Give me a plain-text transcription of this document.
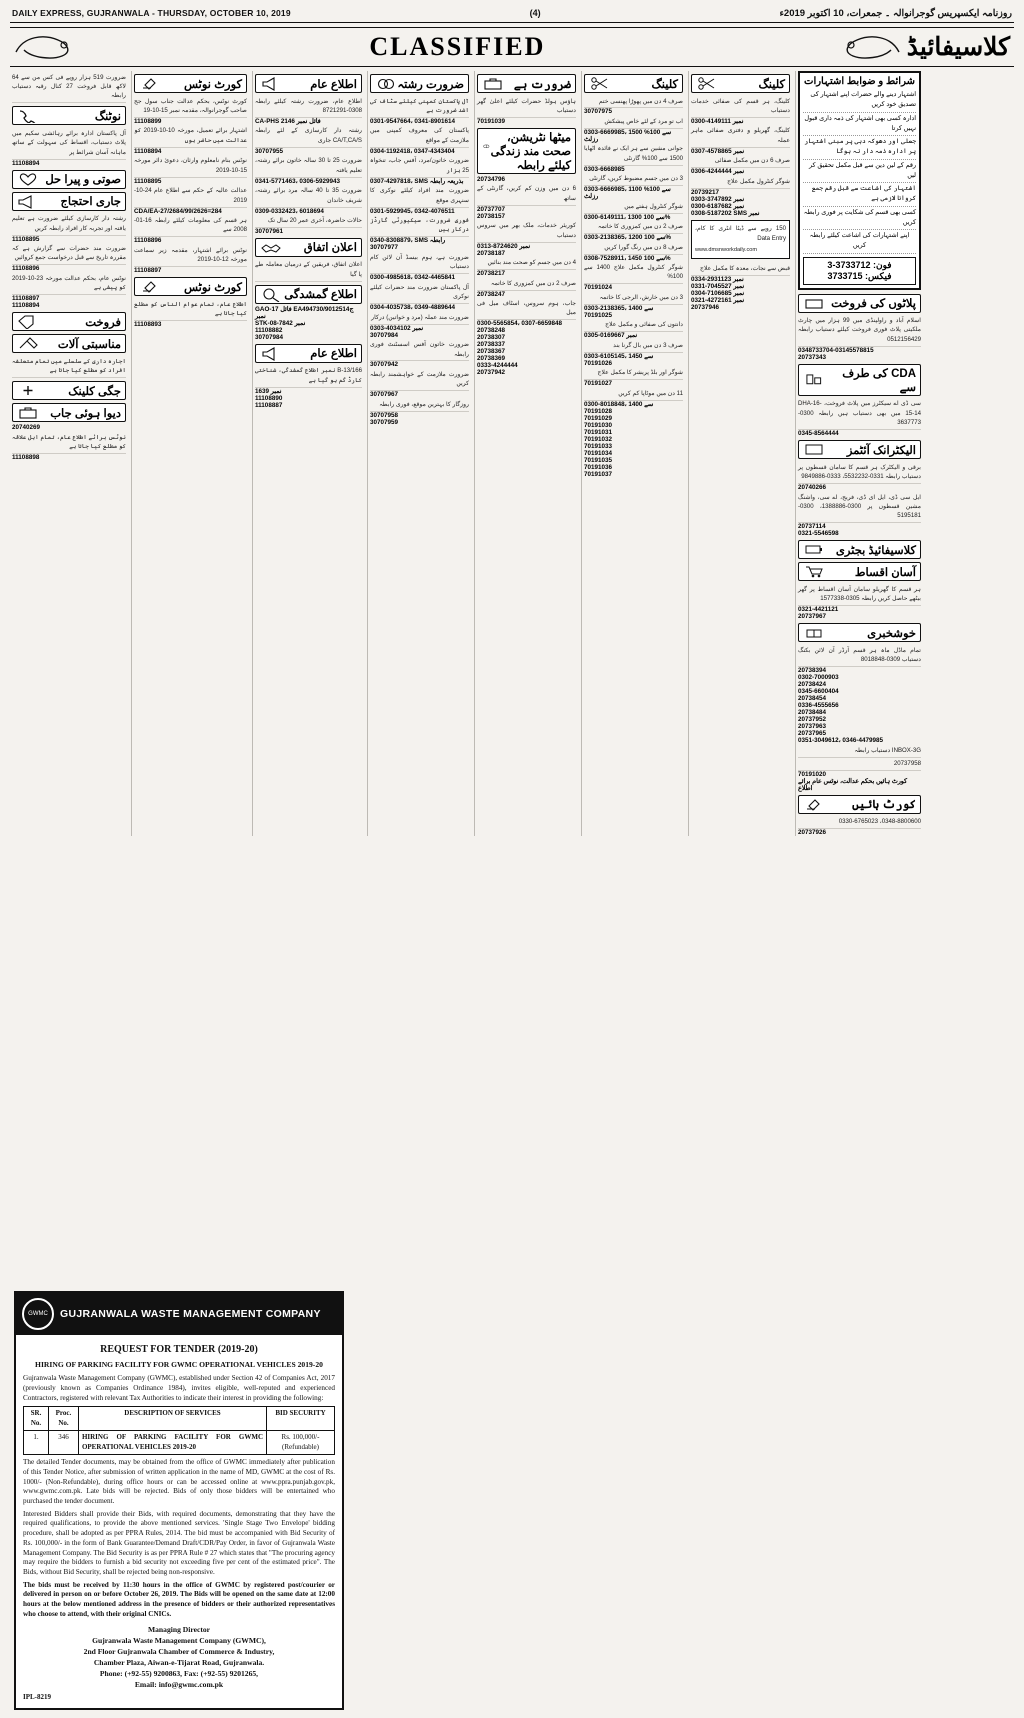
DAILY EXPRESS, GUJRANWALA - THURSDAY, OCTOBER 10, 2019	(4)	روزنامہ ایکسپریس گوجرانوالہ ۔ جمعرات، 10 اکتوبر 2019ء
CLASSIFIED	کلاسیفائیڈ
ضرورت 519 ہزار روپے فی کس من سے 64 لاکھ قابل فروخت 27 کنال رقبہ دستیاب رابطہ
نوٹنگ
آل پاکستان ادارہ برائے رہائشی سکیم میں پلاٹ دستیاب، اقساط کی سہولت کے ساتھ ماہانہ آسان شرائط پر
11108894
صوتی و پیرا حل
جاری احتجاج
رشتہ دار کارسازی کیلئے ضرورت ہے تعلیم یافتہ اور تجربہ کار افراد رابطہ کریں
11108895
ضرورت مند حضرات سے گزارش ہے کہ مقررہ تاریخ سے قبل درخواست جمع کروائیں
11108896
نوٹس عام، بحکم عدالت مورخہ 23-10-2019 کو پیشی ہے
11108897
11108894
فروخت
مناسبتی آلات
اجارہ داری کے سلسلے میں تمام متعلقہ افراد کو مطلع کیا جاتا ہے
جگی کلینک
دیوا ہوئی جاب
20740269
نوٹس برائے اطلاع عام، تمام اہل علاقہ کو مطلع کیا جاتا ہے
11108898
کورٹ نوٹس
کورٹ نوٹس، بحکم عدالت جناب سول جج صاحب گوجرانوالہ، مقدمہ نمبر 15-10-19
11108899
اشتہار برائے تعمیل، مورخہ 10-10-2019 کو عدالت میں حاضر ہوں
11108894
نوٹس بنام نامعلوم وارثان، دعویٰ دائر مورخہ 15-10-2019
11108895
عدالت عالیہ کے حکم سے اطلاع عام 24-10-2019
CDA/EA-27/2684/99/2626=284
ہر قسم کی معلومات کیلئے رابطہ 16-01-2008 سے
11108896
نوٹس برائے اشتہار، مقدمہ زیر سماعت مورخہ 12-10-2019
11108897
کورٹ نوٹس
اطلاع عام، تمام عوام الناس کو مطلع کیا جاتا ہے
11108893
اطلاع عام
اطلاع عام، ضرورت رشتہ کیلئے رابطہ 0308-8721291
CA-PHS فائل نمبر 2146
رشتہ دار کارسازی کے لئے رابطہ CA/T,CA/S جاری
30707955
ضرورت 25 تا 30 سالہ خاتون برائے رشتہ، تعلیم یافتہ
0341-5771463، 0306-5929943
ضرورت 35 تا 40 سالہ مرد برائے رشتہ، شریف خاندان
0309-0332423، 6018694
حالات حاضرہ، آخری عمر 20 سال تک
30707961
اعلان اتفاق
اعلان اتفاق، فریقین کے درمیان معاملہ طے پا گیا
اطلاع گمشدگی
GAO-17 فائل EA494730/ج9012514 نمبر
STK-08-7842 نمبر
11108882
30707984
اطلاع عام
B-13/166 نمبر اطلاع گمشدگی، شناختی کارڈ گم ہو گیا ہے
1639 نمبر
11108890
11108887
ضرورت رشتہ
آل پاکستان کمپنی کیلئے سٹاف کی اشد ضرورت ہے
0301-9547664، 0341-8901614
پاکستان کی معروف کمپنی میں ملازمت کے مواقع
0304-1192418، 0347-4343404
ضرورت خاتون/مرد، آفس جاب، تنخواہ 25 ہزار
0307-4297818، SMS بذریعہ رابطہ
ضرورت مند افراد کیلئے نوکری کا سنہری موقع
0301-5929945، 0342-4076511
فوری ضرورت، سیکیورٹی گارڈز درکار ہیں
0340-8308879، SMS رابطہ
30707977
ضرورت ہے، ہوم بیسڈ آن لائن کام دستیاب
0300-4985618، 0342-4465841
آل پاکستان ضرورت مند حضرات کیلئے نوکری
0304-4035738، 0349-4889644
ضرورت مند عملہ (مرد و خواتین) درکار
0303-4034102 نمبر
30707984
ضرورت خاتون آفس اسسٹنٹ فوری رابطہ
30707942
ضرورت ملازمت کے خواہشمند رابطہ کریں
30707967
روزگار کا بہترین موقع، فوری رابطہ
30707958
30707959
ضرورت ہے
ہاؤس ہولڈ حضرات کیلئے اعلیٰ گھر دستیاب
70191039
میٹھا نٹریشن، صحت مند زندگی کیلئے رابطہ
20734796
6 دن میں وزن کم کریں، گارنٹی کے ساتھ
20737707
20738157
کوریئر خدمات، ملک بھر میں سروس دستیاب
0313-8724620 نمبر
20738187
4 دن میں جسم کو صحت مند بنائیں
20738217
صرف 2 دن میں کمزوری کا خاتمہ
20738247
جاب، ہوم سروس، اسٹاف میل فی میل
0300-5565854، 0307-6659848
20738248
20738307
20738337
20738367
20738369
0333-4244444
20737942
کلینگ
صرف 4 دن میں پھوڑا پھنسی ختم
30707975
اب تو مرد کے لئے خاص پیشکش
0303-6669985، 1500 سے 100% رزلٹ
جوانی مشین سے ہر ایک نے فائدہ اٹھایا 1500 سے 100% گارنٹی
0303-6668985
3 دن میں جسم مضبوط کریں، گارنٹی
0303-6666985، 1100 سے 100% رزلٹ
شوگر کنٹرول ہفتے میں
0300-6149111، 1300 سے 100%
صرف 2 دن میں کمزوری کا خاتمہ
0303-2138365، 1200 سے 100%
صرف 8 دن میں رنگ گورا کریں
0308-7528911، 1450 سے 100%
شوگر کنٹرول مکمل علاج 1400 سے 100%
70191024
3 دن میں خارش، الرجی کا خاتمہ
0303-2138365، 1400 سے
70191025
دانتوں کی صفائی و مکمل علاج
0305-0169667 نمبر
صرف 3 دن میں بال گرنا بند
0303-6105145، 1450 سے
70191026
شوگر اور بلڈ پریشر کا مکمل علاج
70191027
11 دن میں موٹاپا کم کریں
0300-8018848، 1400 سے
70191028
70191029
70191030
70191031
70191032
70191033
70191034
70191035
70191036
70191037
کلینگ
کلینگ، ہر قسم کی صفائی خدمات دستیاب
0300-4149111 نمبر
کلینگ، گھریلو و دفتری صفائی ماہر عملہ
0307-4578865 نمبر
صرف 6 دن میں مکمل صفائی
0306-4244444 نمبر
شوگر کنٹرول مکمل علاج
20739217
0303-3747892 نمبر
0300-6187682 نمبر
0308-5187202 SMS نمبر
150 روپے سے ڈیٹا انٹری کا کام، Data Entry
www.dmsnworkdaily.com
قبض سے نجات، معدہ کا مکمل علاج
0334-2931123 نمبر
0331-7045527 نمبر
0304-7106685 نمبر
0321-4272161 نمبر
20737946
شرائط و ضوابط اشتہارات
اشتہار دینے والے حضرات اپنے اشتہار کی تصدیق خود کریں
ادارہ کسی بھی اشتہار کی ذمہ داری قبول نہیں کرتا
جعلی اور دھوکہ دہی پر مبنی اشتہار پر ادارہ ذمہ دار نہ ہوگا
رقم کے لین دین سے قبل مکمل تحقیق کر لیں
اشتہار کی اشاعت سے قبل رقم جمع کروانا لازمی ہے
کسی بھی قسم کی شکایت پر فوری رابطہ کریں
اپنے اشتہارات کی اشاعت کیلئے رابطہ کریں
فون: 3733712-3
فیکس: 3733715
پلاٹوں کی فروخت
اسلام آباد و راولپنڈی میں 99 ہزار میں چارٹ ملکیتی پلاٹ فوری فروخت کیلئے دستیاب رابطہ 0512156429
0348733704-03145578815
20737343
CDA کی طرف سے
سی ڈی اے سیکٹرز میں پلاٹ فروخت، DHA-16-15-14 میں بھی دستیاب ہیں رابطہ 0300-3637773
0345-8564444
الیکٹرانک آئٹمز
برقی و الیکٹرک ہر قسم کا سامان قسطوں پر دستیاب رابطہ 0331-5532232، 0333-9849886
20740266
ایل سی ڈی، ایل ای ڈی، فریج، اے سی، واشنگ مشین قسطوں پر 0300-1388886، 0300-5195181
20737114
0321-5546598
کلاسیفائیڈ بجٹری
آسان اقساط
ہر قسم کا گھریلو سامان آسان اقساط پر گھر بیٹھے حاصل کریں رابطہ 0305-1577338
0321-4421121
20737967
خوشخبری
تمام ماڈل ماہ ہر قسم آرڈر آن لائن بکنگ دستیاب 0309-8018848
20738394
0302-7000903
20738424
0345-6600404
20738454
0336-4555656
20738484
20737952
20737963
20737965
0351-3049612، 0346-4479985
INBOX-3G دستیاب رابطہ
20737958
70191020
کورٹ ہائیں بحکم عدالت، نوٹس عام برائے اطلاع
کورٹ ہائیں
0348-8800600، 0330-6765023
20737926
GWMC	GUJRANWALA WASTE MANAGEMENT COMPANY
REQUEST FOR TENDER (2019-20)
HIRING OF PARKING FACILITY FOR GWMC OPERATIONAL VEHICLES 2019-20

Gujranwala Waste Management Company (GWMC), established under Section 42 of Companies Act, 2017 (previously known as Companies Ordinance 1984), invites eligible, well-reputed and experienced Contractors, registered with relevant Tax Authorities to indicate their interest in providing the following:

SR. No.	Proc. No.	DESCRIPTION OF SERVICES	BID SECURITY
1.	346	HIRING OF PARKING FACILITY FOR GWMC OPERATIONAL VEHICLES 2019-20	Rs. 100,000/- (Refundable)

The detailed Tender documents, may be obtained from the office of GWMC immediately after publication of this Tender Notice, after submission of written application in the name of MD, GWMC at the cost of Rs. 1000/- (Non-Refundable), during office hours or can be accessed online at www.ppra.punjab.gov.pk, www.gwmc.com.pk. Late bids will be rejected. Bids of only those bidders will be entertained who purchased the tender document.

Interested Bidders shall provide their Bids, with required documents, demonstrating that they have the required qualifications, to provide the above mentioned services. 'Single Stage Two Envelope' bidding procedure, shall be adopted as per PPRA Rules, 2014. The bid must be accompanied with Bid Security of Rs. 100,000/- in the form of Bank Guarantee/Demand Draft/CDR/Pay Order, in favor of Gujranwala Waste Management Company. The Bid Security is as per PPRA Rule # 27 which states that "The procuring agency may require the bidders to furnish a bid security not exceeding five per cent of the estimated price". The Bids, without Bid Security, shall be rejected being non-responsive.

The bids must be received by 11:30 hours in the office of GWMC by registered post/courier or delivered in person on or before October 26, 2019. The Bids will be opened on the same date at 12:00 hours at the below mentioned address in the presence of bidders or their authorized representatives who choose to attend, with their original CNICs.

Managing Director
Gujranwala Waste Management Company (GWMC),
2nd Floor Gujranwala Chamber of Commerce & Industry,
Chamber Plaza, Aiwan-e-Tijarat Road, Gujranwala.
Phone: (+92-55) 9200863, Fax: (+92-55) 9201265,
Email: info@gwmc.com.pk
IPL-8219
